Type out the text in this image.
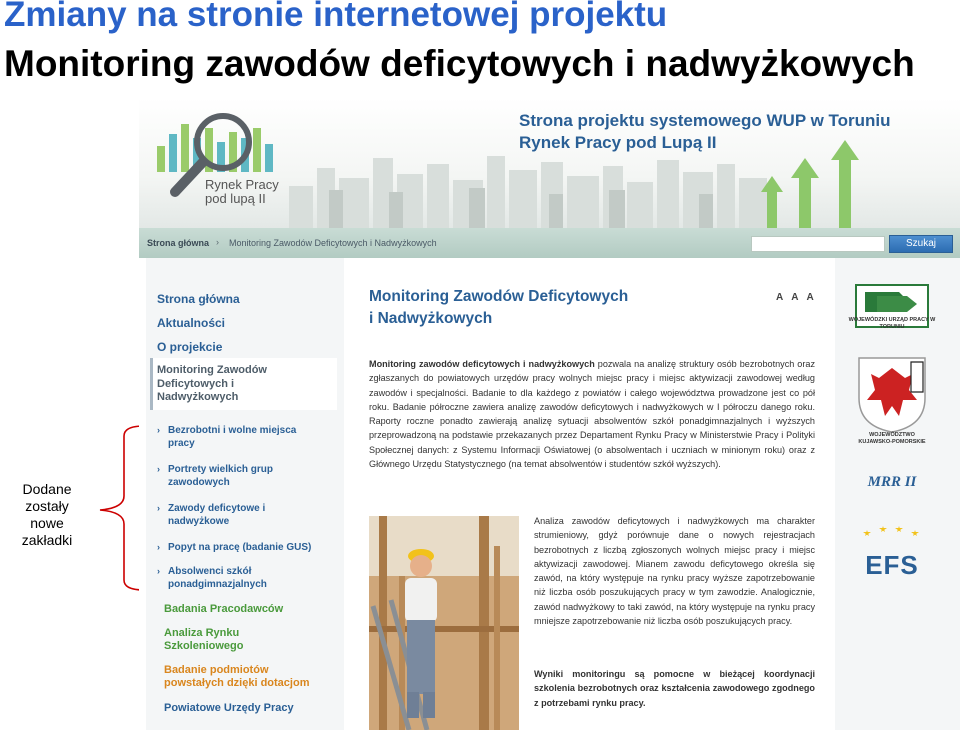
Zmiany na stronie internetowej projektu
Monitoring zawodów deficytowych i nadwyżkowych
Dodane zostały nowe zakładki
Rynek Pracy
pod lupą II
Strona projektu systemowego WUP w Toruniu
Rynek Pracy pod Lupą II
Strona główna › Monitoring Zawodów Deficytowych i Nadwyżkowych	Szukaj
Strona główna
Aktualności
O projekcie
Monitoring Zawodów
Deficytowych i
Nadwyżkowych
› Bezrobotni i wolne miejsca
pracy
› Portrety wielkich grup
zawodowych
› Zawody deficytowe i
nadwyżkowe
› Popyt na pracę (badanie GUS)
› Absolwenci szkół
ponadgimnazjalnych
Badania Pracodawców
Analiza Rynku
Szkoleniowego
Badanie podmiotów
powstałych dzięki dotacjom
Powiatowe Urzędy Pracy
Monitoring Zawodów Deficytowych
i Nadwyżkowych
A A A
Monitoring zawodów deficytowych i nadwyżkowych pozwala na analizę struktury osób bezrobotnych oraz zgłaszanych do powiatowych urzędów pracy wolnych miejsc pracy i miejsc aktywizacji zawodowej według zawodów i specjalności. Badanie to dla każdego z powiatów i całego województwa prowadzone jest co pół roku. Badanie półroczne zawiera analizę zawodów deficytowych i nadwyżkowych w I półroczu danego roku. Raporty roczne ponadto zawierają analizę sytuacji absolwentów szkół ponadgimnazjalnych i wyższych przeprowadzoną na podstawie przekazanych przez Departament Rynku Pracy w Ministerstwie Pracy i Polityki Społecznej danych: z Systemu Informacji Oświatowej (o absolwentach i uczniach w minionym roku) oraz z Głównego Urzędu Statystycznego (na temat absolwentów i studentów szkół wyższych).
Analiza zawodów deficytowych i nadwyżkowych ma charakter strumieniowy, gdyż porównuje dane o nowych rejestracjach bezrobotnych z liczbą zgłoszonych wolnych miejsc pracy i miejsc aktywizacji zawodowej. Mianem zawodu deficytowego określa się zawód, na który występuje na rynku pracy wyższe zapotrzebowanie niż liczba osób poszukujących pracy w tym zawodzie. Analogicznie, zawód nadwyżkowy to taki zawód, na który występuje na rynku pracy mniejsze zapotrzebowanie niż liczba osób poszukujących pracy.
Wyniki monitoringu są pomocne w bieżącej koordynacji szkolenia bezrobotnych oraz kształcenia zawodowego zgodnego z potrzebami rynku pracy.
WOJEWÓDZKI URZĄD PRACY W TORUNIU
WOJEWÓDZTWO
KUJAWSKO-POMORSKIE
MRR II
EFS
